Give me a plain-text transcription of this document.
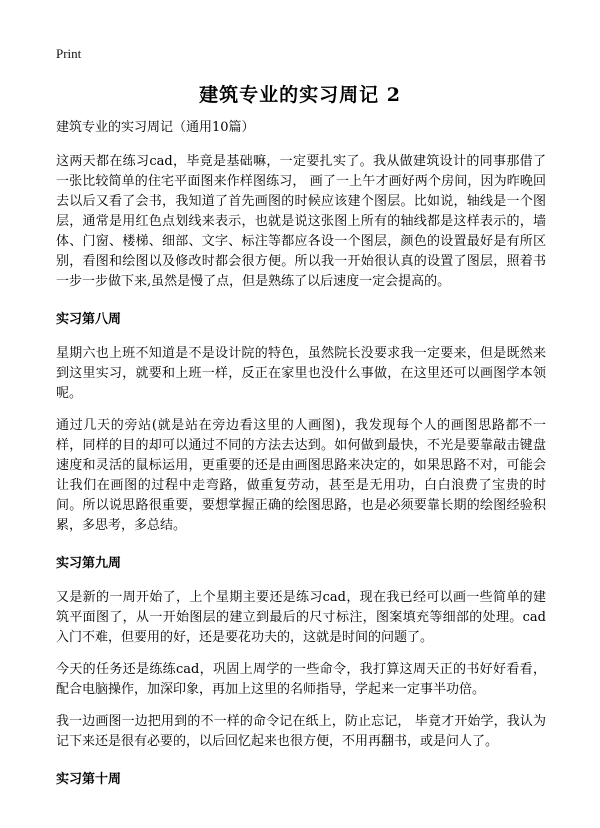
Print
建筑专业的实习周记 2

建筑专业的实习周记（通用10篇）

这两天都在练习cad，毕竟是基础嘛，一定要扎实了。我从做建筑设计的同事那借了一张比较简单的住宅平面图来作样图练习， 画了一上午才画好两个房间，因为昨晚回去以后又看了会书，我知道了首先画图的时候应该建个图层。比如说，轴线是一个图层，通常是用红色点划线来表示，也就是说这张图上所有的轴线都是这样表示的，墙体、门窗、楼梯、细部、文字、标注等都应各设一个图层，颜色的设置最好是有所区别，看图和绘图以及修改时都会很方便。所以我一开始很认真的设置了图层，照着书一步一步做下来,虽然是慢了点，但是熟练了以后速度一定会提高的。

实习第八周

星期六也上班不知道是不是设计院的特色，虽然院长没要求我一定要来，但是既然来到这里实习，就要和上班一样，反正在家里也没什么事做，在这里还可以画图学本领呢。

通过几天的旁站(就是站在旁边看这里的人画图)，我发现每个人的画图思路都不一样，同样的目的却可以通过不同的方法去达到。如何做到最快，不光是要靠敲击键盘速度和灵活的鼠标运用，更重要的还是由画图思路来决定的，如果思路不对，可能会让我们在画图的过程中走弯路，做重复劳动，甚至是无用功，白白浪费了宝贵的时间。所以说思路很重要，要想掌握正确的绘图思路，也是必须要靠长期的绘图经验积累，多思考，多总结。

实习第九周

又是新的一周开始了，上个星期主要还是练习cad，现在我已经可以画一些简单的建筑平面图了，从一开始图层的建立到最后的尺寸标注，图案填充等细部的处理。cad入门不难，但要用的好，还是要花功夫的，这就是时间的问题了。

今天的任务还是练练cad，巩固上周学的一些命令，我打算这周天正的书好好看看，配合电脑操作，加深印象，再加上这里的名师指导，学起来一定事半功倍。

我一边画图一边把用到的不一样的命令记在纸上，防止忘记， 毕竟才开始学，我认为记下来还是很有必要的，以后回忆起来也很方便，不用再翻书，或是问人了。

实习第十周
